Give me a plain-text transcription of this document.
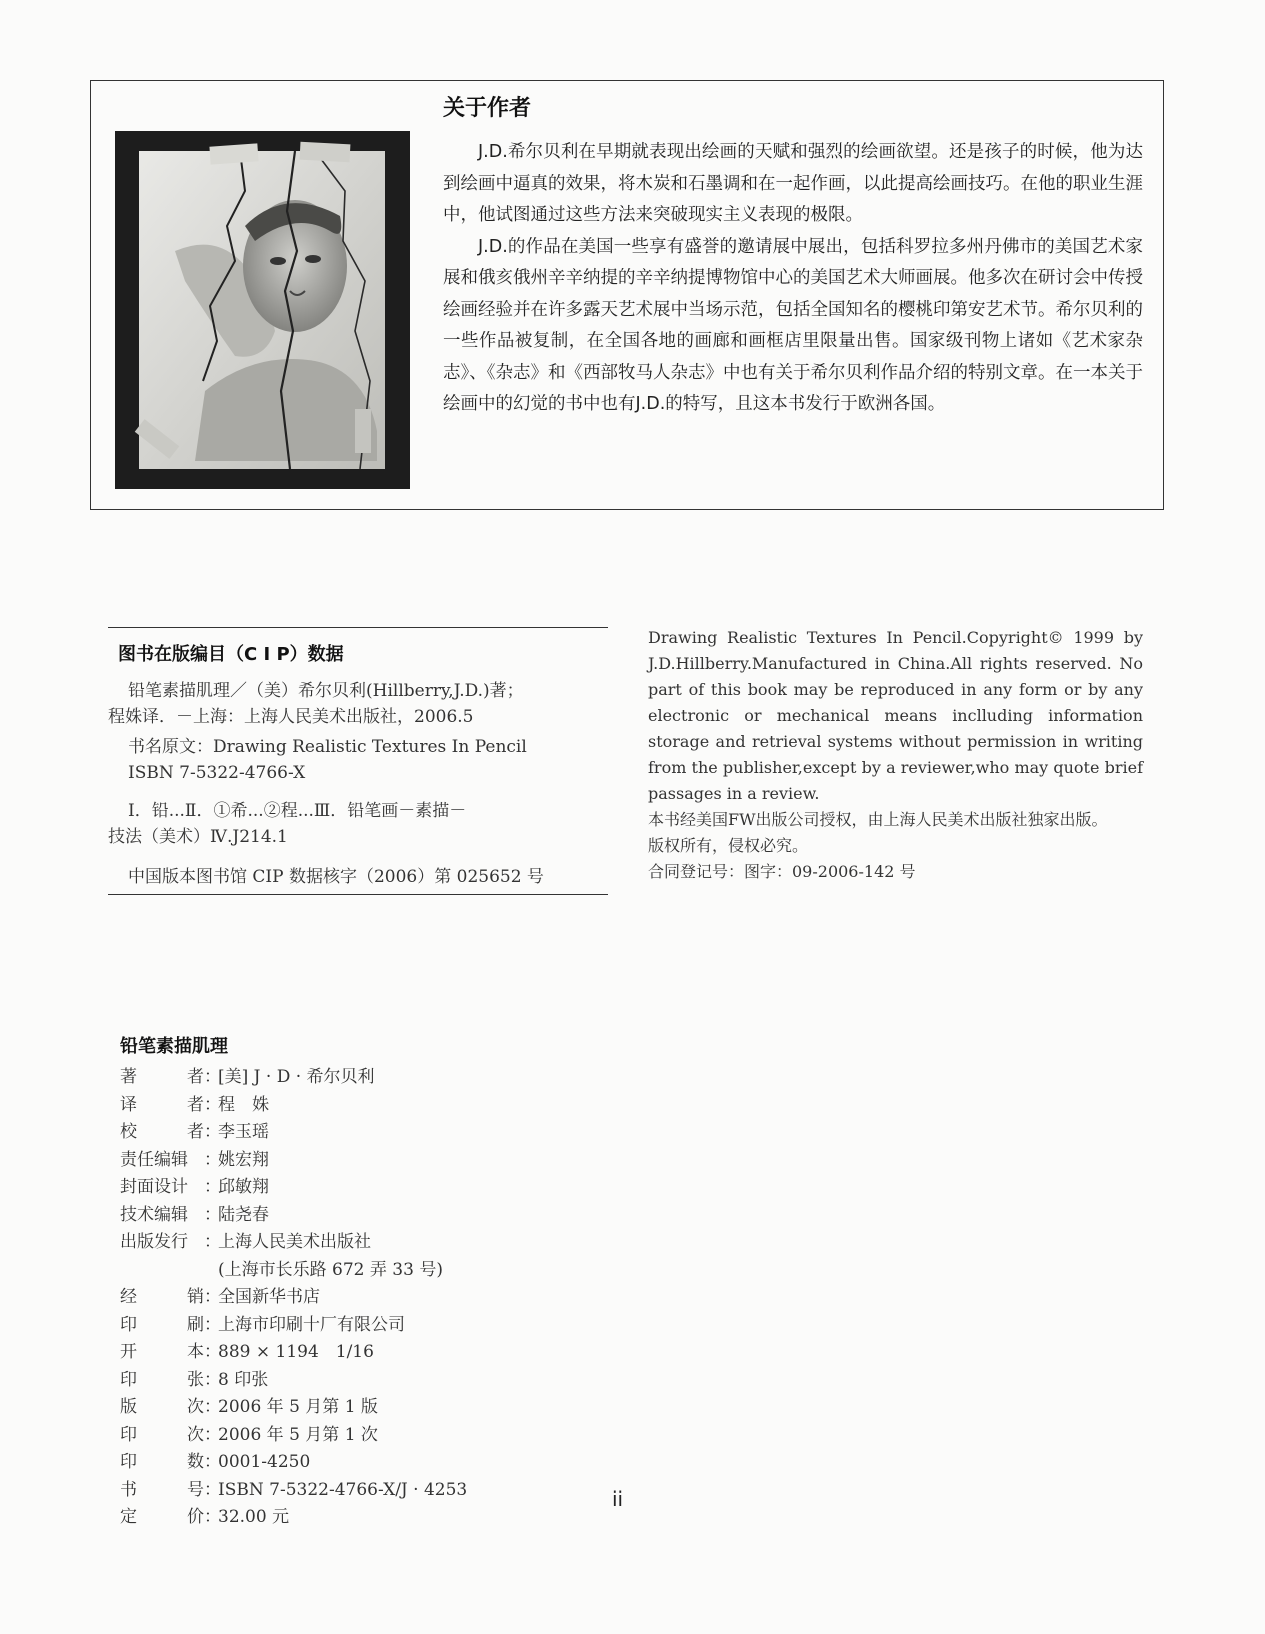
关于作者

J.D.希尔贝利在早期就表现出绘画的天赋和强烈的绘画欲望。还是孩子的时候，他为达到绘画中逼真的效果，将木炭和石墨调和在一起作画，以此提高绘画技巧。在他的职业生涯中，他试图通过这些方法来突破现实主义表现的极限。

J.D.的作品在美国一些享有盛誉的邀请展中展出，包括科罗拉多州丹佛市的美国艺术家展和俄亥俄州辛辛纳提的辛辛纳提博物馆中心的美国艺术大师画展。他多次在研讨会中传授绘画经验并在许多露天艺术展中当场示范，包括全国知名的樱桃印第安艺术节。希尔贝利的一些作品被复制，在全国各地的画廊和画框店里限量出售。国家级刊物上诸如《艺术家杂志》、《杂志》和《西部牧马人杂志》中也有关于希尔贝利作品介绍的特别文章。在一本关于绘画中的幻觉的书中也有J.D.的特写，且这本书发行于欧洲各国。

图书在版编目（C I P）数据
铅笔素描肌理／（美）希尔贝利(Hillberry,J.D.)著；
程姝译．－上海：上海人民美术出版社，2006.5
书名原文：Drawing Realistic Textures In Pencil
ISBN 7-5322-4766-X
Ⅰ．铅...Ⅱ．①希...②程...Ⅲ．铅笔画－素描－
技法（美术）Ⅳ.J214.1
中国版本图书馆 CIP 数据核字（2006）第 025652 号

Drawing Realistic Textures In Pencil.Copyright© 1999 by J.D.Hillberry.Manufactured in China.All rights reserved. No part of this book may be reproduced in any form or by any electronic or mechanical means inclluding information storage and retrieval systems without permission in writing from the publisher,except by a reviewer,who may quote brief passages in a review.

本书经美国FW出版公司授权，由上海人民美术出版社独家出版。

版权所有，侵权必究。

合同登记号：图字：09-2006-142 号

铅笔素描肌理
著	者 ：
[美] J · D · 希尔贝利
译	者 ：
程　姝
校	者 ：
李玉瑶
责任编辑 ：
姚宏翔
封面设计 ：
邱敏翔
技术编辑 ：
陆尧春
出版发行 ：
上海人民美术出版社
(上海市长乐路 672 弄 33 号)
经	销 ：
全国新华书店
印	刷 ：
上海市印刷十厂有限公司
开	本 ：
889 × 1194　1/16
印	张 ：
8 印张
版	次 ：
2006 年 5 月第 1 版
印	次 ：
2006 年 5 月第 1 次
印	数 ：
0001-4250
书	号 ：
ISBN 7-5322-4766-X/J · 4253
定	价 ：
32.00 元
ii
